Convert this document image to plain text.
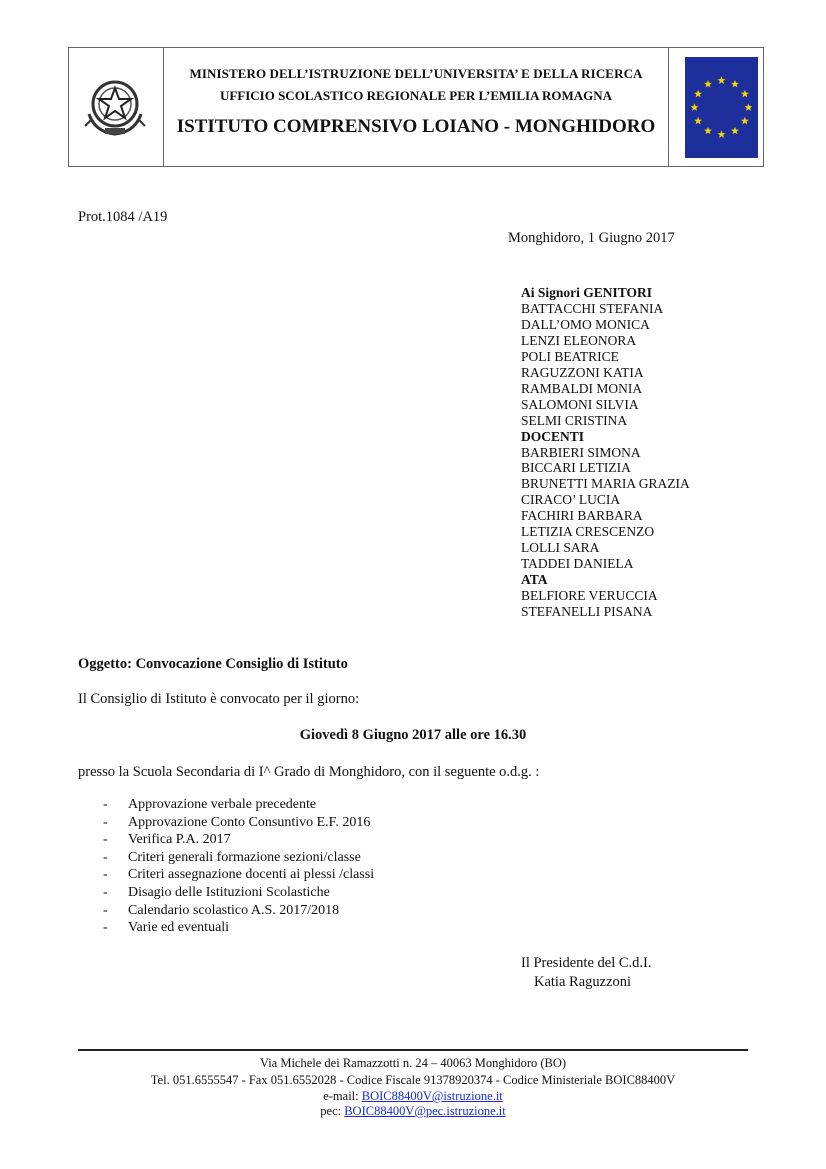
MINISTERO DELL’ISTRUZIONE DELL’UNIVERSITA’ E DELLA RICERCA
UFFICIO SCOLASTICO REGIONALE PER L’EMILIA ROMAGNA
ISTITUTO COMPRENSIVO LOIANO - MONGHIDORO
Prot.1084 /A19
Monghidoro, 1 Giugno 2017
Ai Signori GENITORI
BATTACCHI STEFANIA
DALL’OMO MONICA
LENZI ELEONORA
POLI BEATRICE
RAGUZZONI KATIA
RAMBALDI MONIA
SALOMONI SILVIA
SELMI CRISTINA
DOCENTI
BARBIERI SIMONA
BICCARI LETIZIA
BRUNETTI MARIA GRAZIA
CIRACO’ LUCIA
FACHIRI BARBARA
LETIZIA CRESCENZO
LOLLI SARA
TADDEI DANIELA
ATA
BELFIORE VERUCCIA
STEFANELLI PISANA
Oggetto: Convocazione Consiglio di Istituto
Il Consiglio di Istituto è convocato per il giorno:
Giovedì 8 Giugno 2017 alle ore 16.30
presso la Scuola Secondaria di I^ Grado di Monghidoro, con il seguente o.d.g. :
- Approvazione verbale precedente
- Approvazione Conto Consuntivo E.F. 2016
- Verifica P.A. 2017
- Criteri generali formazione sezioni/classe
- Criteri assegnazione docenti ai plessi /classi
- Disagio delle Istituzioni Scolastiche
- Calendario scolastico A.S. 2017/2018
- Varie ed eventuali
Il Presidente del C.d.I.
Katia Raguzzoni
Via Michele dei Ramazzotti n. 24 – 40063 Monghidoro (BO)
Tel. 051.6555547 - Fax 051.6552028 - Codice Fiscale 91378920374 - Codice Ministeriale BOIC88400V
e-mail: BOIC88400V@istruzione.it
pec: BOIC88400V@pec.istruzione.it
